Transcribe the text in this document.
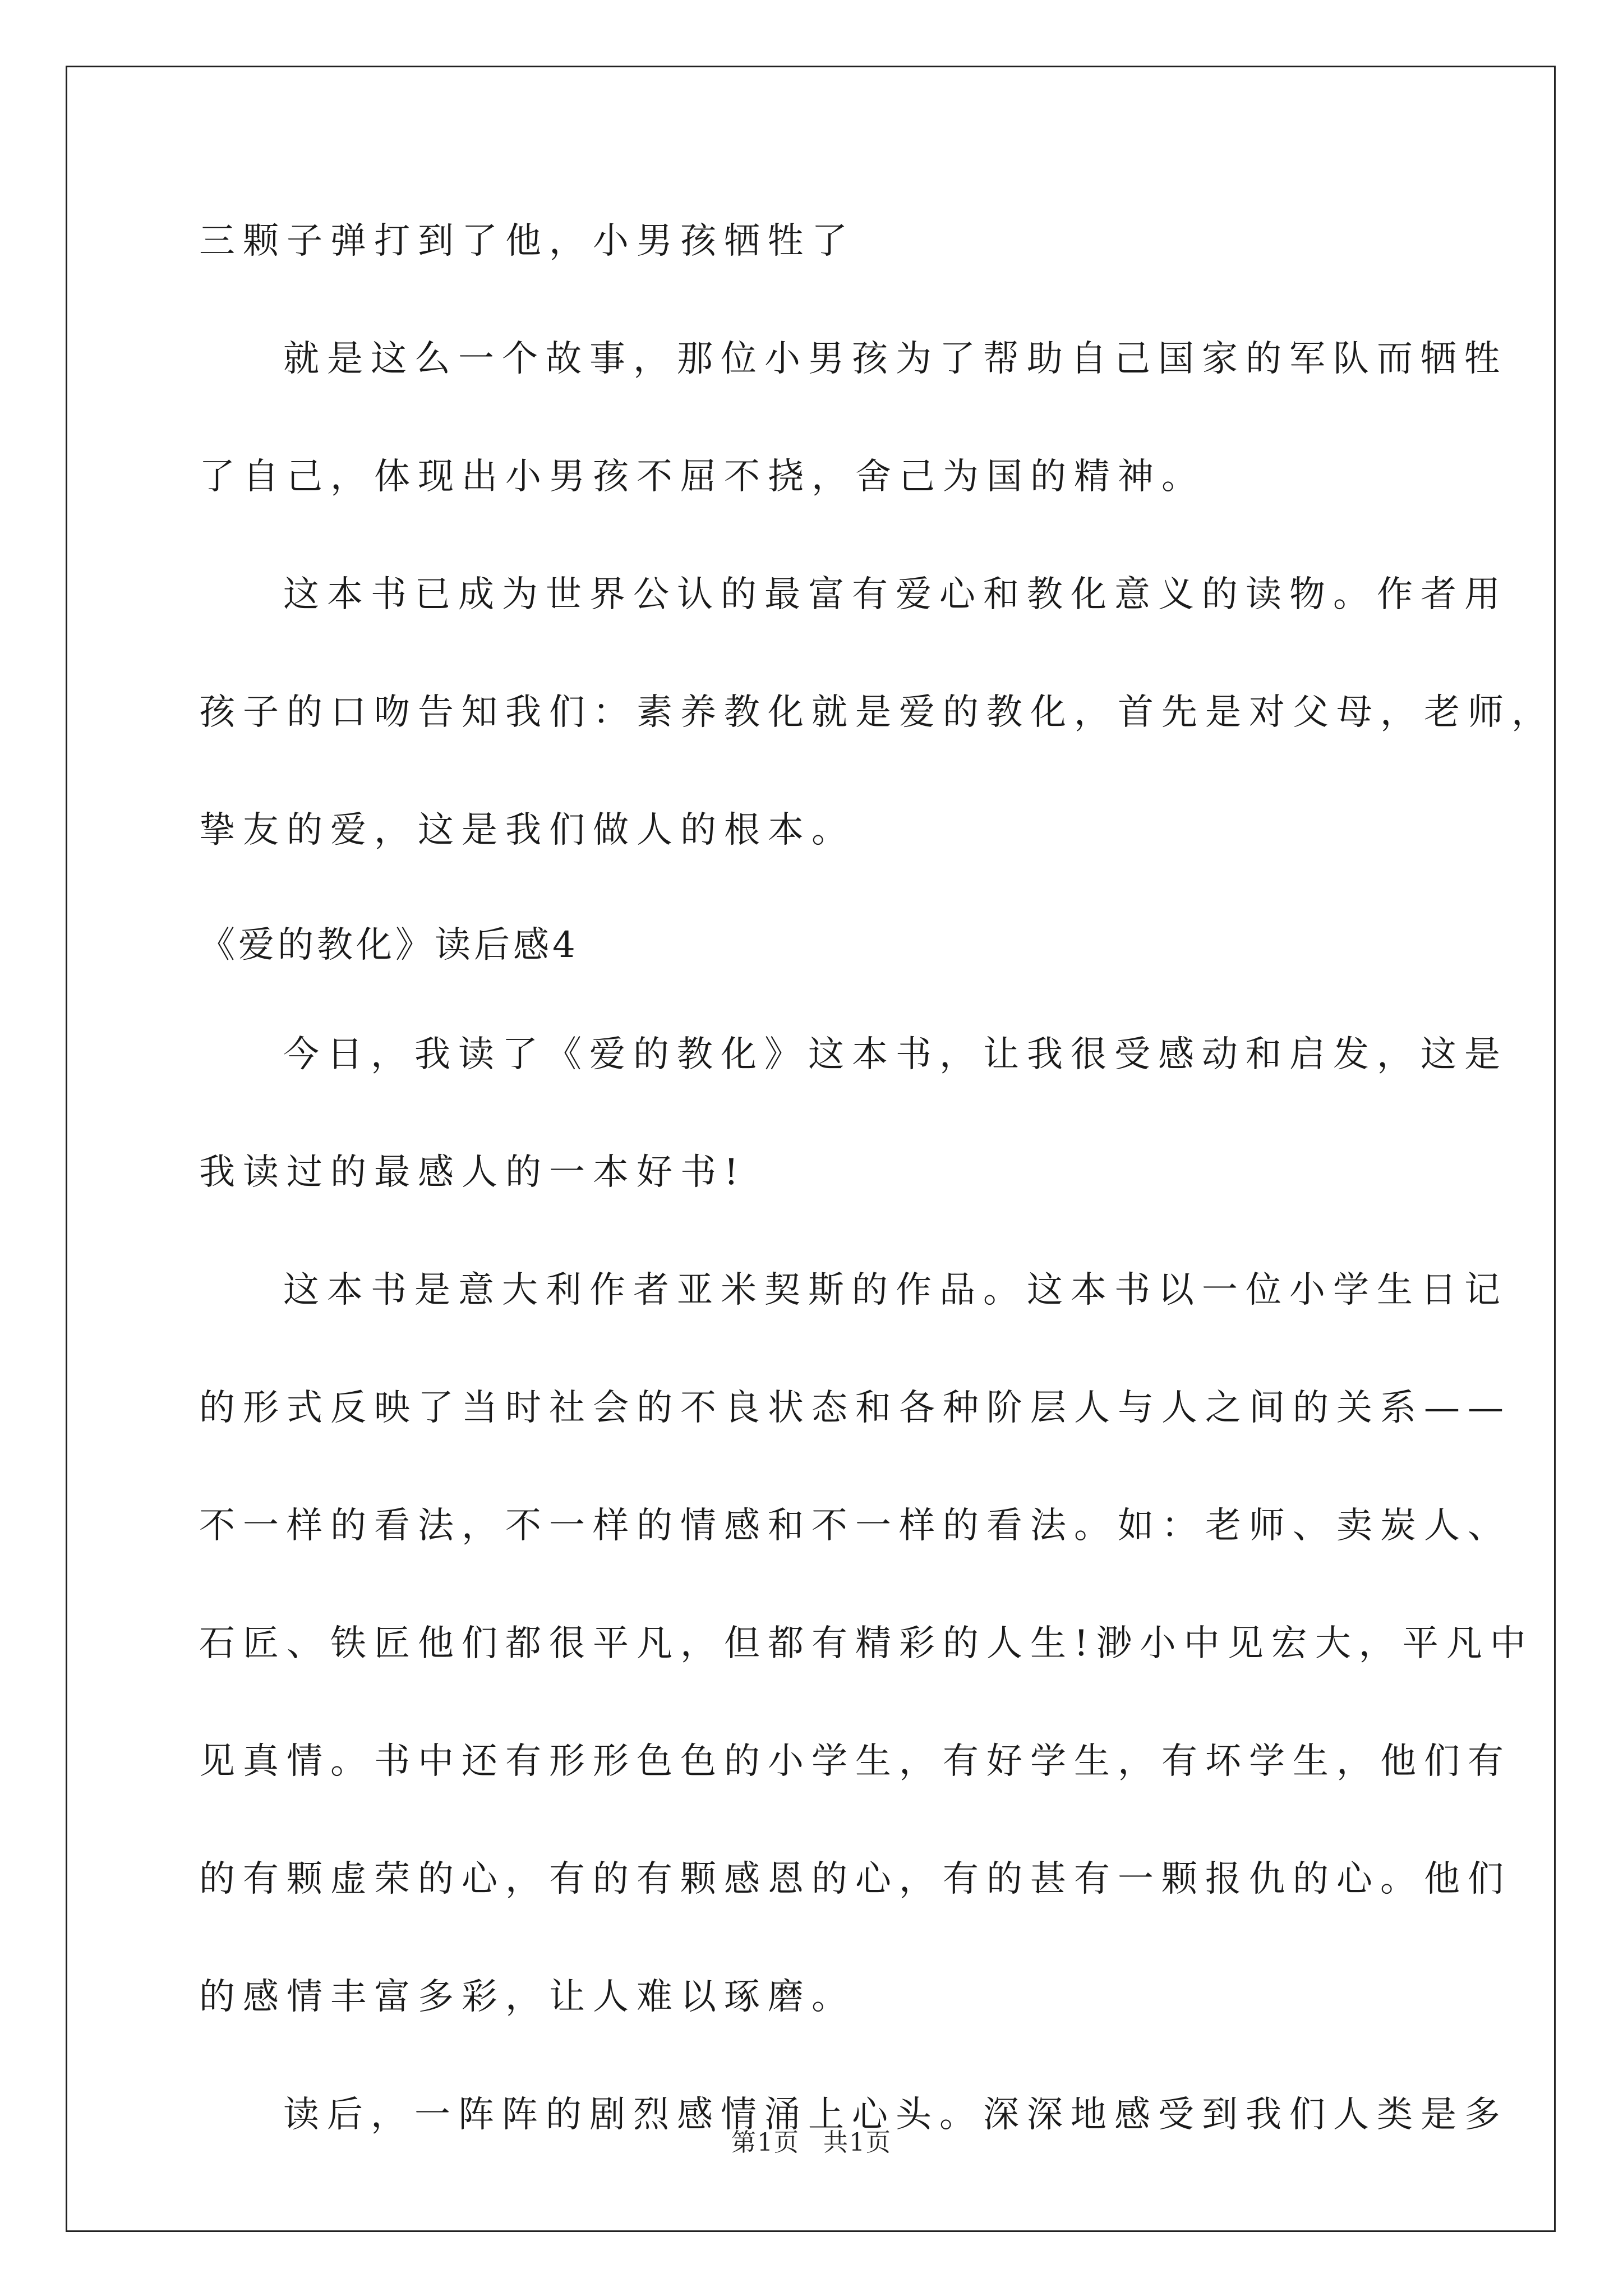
三颗子弹打到了他，小男孩牺牲了
就是这么一个故事，那位小男孩为了帮助自己国家的军队而牺牲
了自己，体现出小男孩不屈不挠，舍己为国的精神。
这本书已成为世界公认的最富有爱心和教化意义的读物。作者用
孩子的口吻告知我们：素养教化就是爱的教化，首先是对父母，老师，
挚友的爱，这是我们做人的根本。
《爱的教化》读后感4
今日，我读了《爱的教化》这本书，让我很受感动和启发，这是
我读过的最感人的一本好书!
这本书是意大利作者亚米契斯的作品。这本书以一位小学生日记
的形式反映了当时社会的不良状态和各种阶层人与人之间的关系——
不一样的看法，不一样的情感和不一样的看法。如：老师、卖炭人、
石匠、铁匠他们都很平凡，但都有精彩的人生!渺小中见宏大，平凡中
见真情。书中还有形形色色的小学生，有好学生，有坏学生，他们有
的有颗虚荣的心，有的有颗感恩的心，有的甚有一颗报仇的心。他们
的感情丰富多彩，让人难以琢磨。
读后，一阵阵的剧烈感情涌上心头。深深地感受到我们人类是多
第1页 共1页
